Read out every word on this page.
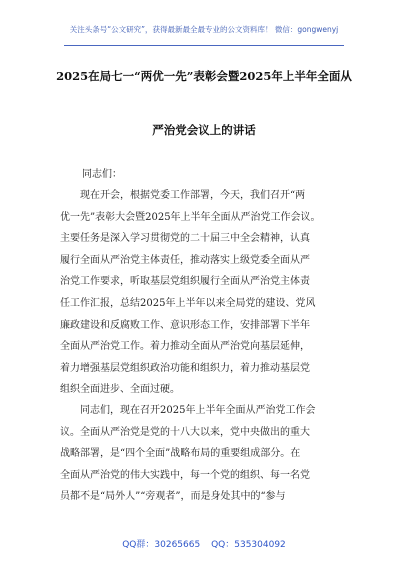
关注头条号“公文研究”，获得最新最全最专业的公文资料库！ 微信：gongwenyj
2025在局七一“两优一先”表彰会暨2025年上半年全面从
严治党会议上的讲话
同志们：
　　现在开会，根据党委工作部署，今天，我们召开“两
优一先”表彰大会暨2025年上半年全面从严治党工作会议。
主要任务是深入学习贯彻党的二十届三中全会精神，认真
履行全面从严治党主体责任，推动落实上级党委全面从严
治党工作要求，听取基层党组织履行全面从严治党主体责
任工作汇报，总结2025年上半年以来全局党的建设、党风
廉政建设和反腐败工作、意识形态工作，安排部署下半年
全面从严治党工作。着力推动全面从严治党向基层延伸，
着力增强基层党组织政治功能和组织力，着力推动基层党
组织全面进步、全面过硬。
　　同志们，现在召开2025年上半年全面从严治党工作会
议。全面从严治党是党的十八大以来，党中央做出的重大
战略部署，是“四个全面”战略布局的重要组成部分。在
全面从严治党的伟大实践中，每一个党的组织、每一名党
员都不是“局外人”“旁观者”，而是身处其中的“参与
QQ群：30265665 QQ：535304092
